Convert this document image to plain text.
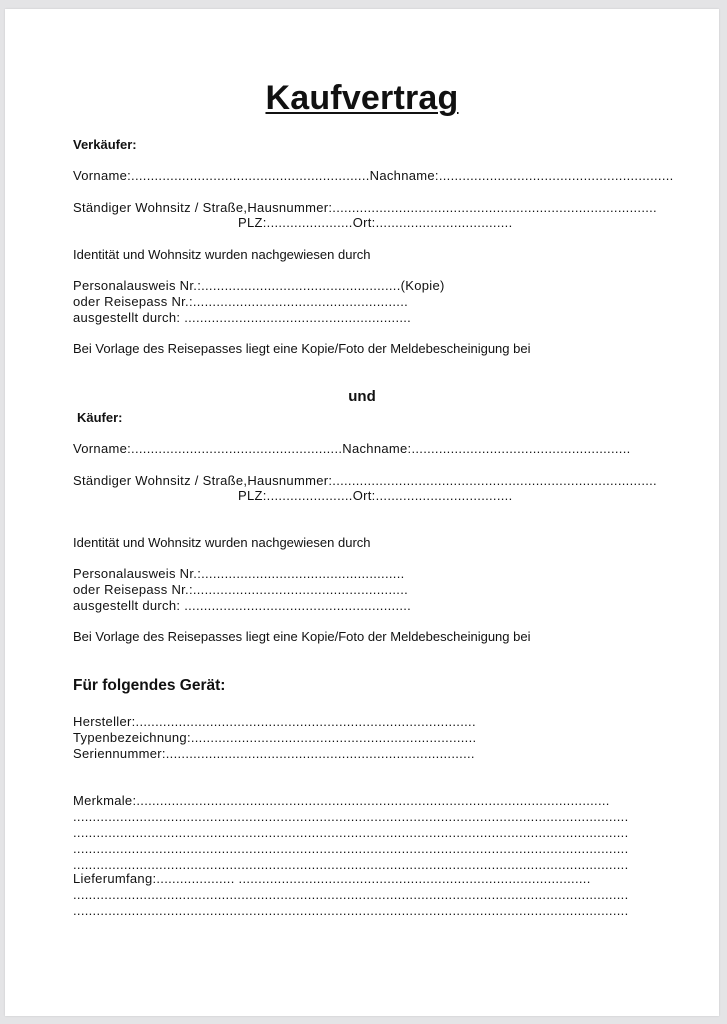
Kaufvertrag
Verkäufer:
Vorname:.............................................................Nachname:............................................................
Ständiger Wohnsitz / Straße,Hausnummer:...................................................................................
PLZ:......................Ort:...................................
Identität und Wohnsitz wurden nachgewiesen durch
Personalausweis Nr.:...................................................(Kopie)
oder Reisepass Nr.:.......................................................
ausgestellt durch: ..........................................................
Bei Vorlage des Reisepasses liegt eine Kopie/Foto der Meldebescheinigung bei
und
Käufer:
Vorname:......................................................Nachname:........................................................
Ständiger Wohnsitz / Straße,Hausnummer:...................................................................................
PLZ:......................Ort:...................................
Identität und Wohnsitz wurden nachgewiesen durch
Personalausweis Nr.:....................................................
oder Reisepass Nr.:.......................................................
ausgestellt durch: ..........................................................
Bei Vorlage des Reisepasses liegt eine Kopie/Foto der Meldebescheinigung bei
Für folgendes Gerät:
Hersteller:.......................................................................................
Typenbezeichnung:.........................................................................
Seriennummer:...............................................................................
Merkmale:.........................................................................................................................
..............................................................................................................................................
..............................................................................................................................................
..............................................................................................................................................
..............................................................................................................................................
Lieferumfang:.................... ..........................................................................................
..............................................................................................................................................
..............................................................................................................................................
